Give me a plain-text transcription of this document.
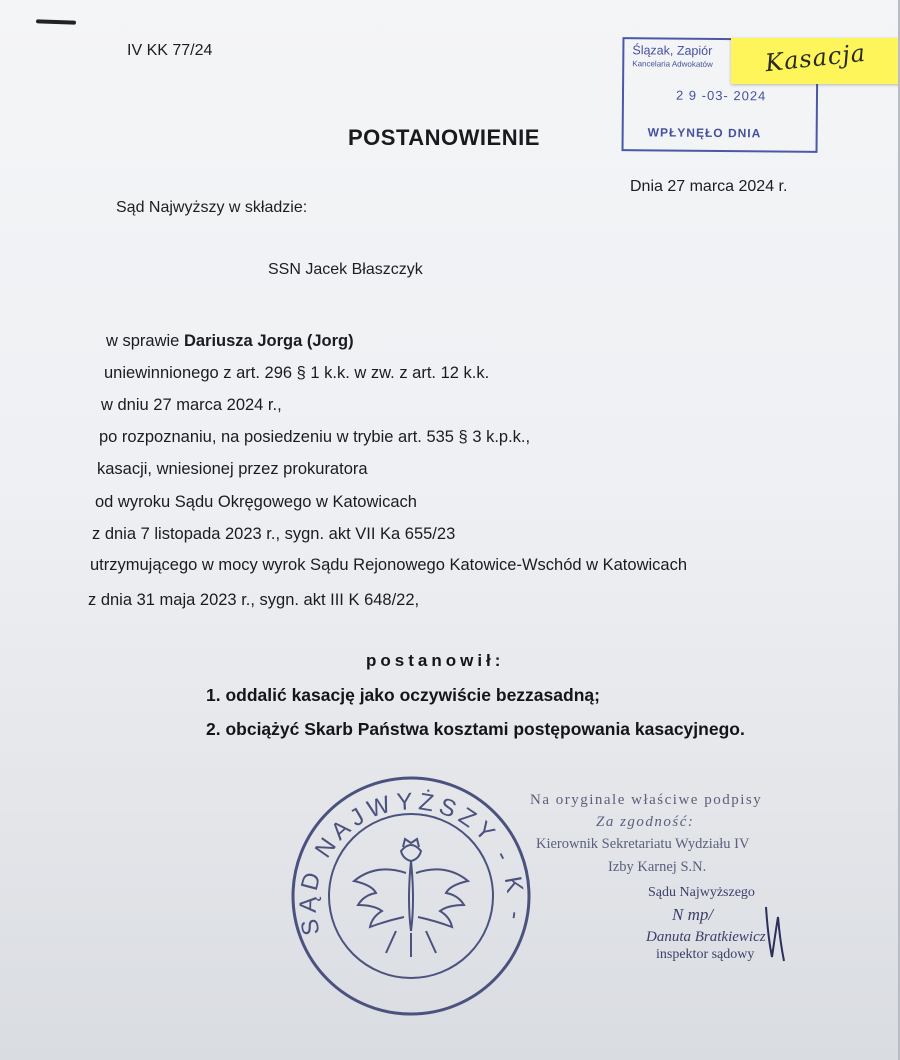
IV KK 77/24	Ślązak, Zapiór
Kancelaria Adwokatów
2 9 -03- 2024
WPŁYNĘŁO DNIA
Kasacja
POSTANOWIENIE
Dnia 27 marca 2024 r.
Sąd Najwyższy w składzie:
SSN Jacek Błaszczyk
w sprawie Dariusza Jorga (Jorg)
uniewinnionego z art. 296 § 1 k.k. w zw. z art. 12 k.k.
w dniu 27 marca 2024 r.,
po rozpoznaniu, na posiedzeniu w trybie art. 535 § 3 k.p.k.,
kasacji, wniesionej przez prokuratora
od wyroku Sądu Okręgowego w Katowicach
z dnia 7 listopada 2023 r., sygn. akt VII Ka 655/23
utrzymującego w mocy wyrok Sądu Rejonowego Katowice-Wschód w Katowicach
z dnia 31 maja 2023 r., sygn. akt III K 648/22,
postanowił:
1. oddalić kasację jako oczywiście bezzasadną;
2. obciążyć Skarb Państwa kosztami postępowania kasacyjnego.
SĄD NAJWYŻSZY - K -
Na oryginale właściwe podpisy
Za zgodność:
Kierownik Sekretariatu Wydziału IV
Izby Karnej S.N.
Sądu Najwyższego
N mp/
Danuta Bratkiewicz
inspektor sądowy
